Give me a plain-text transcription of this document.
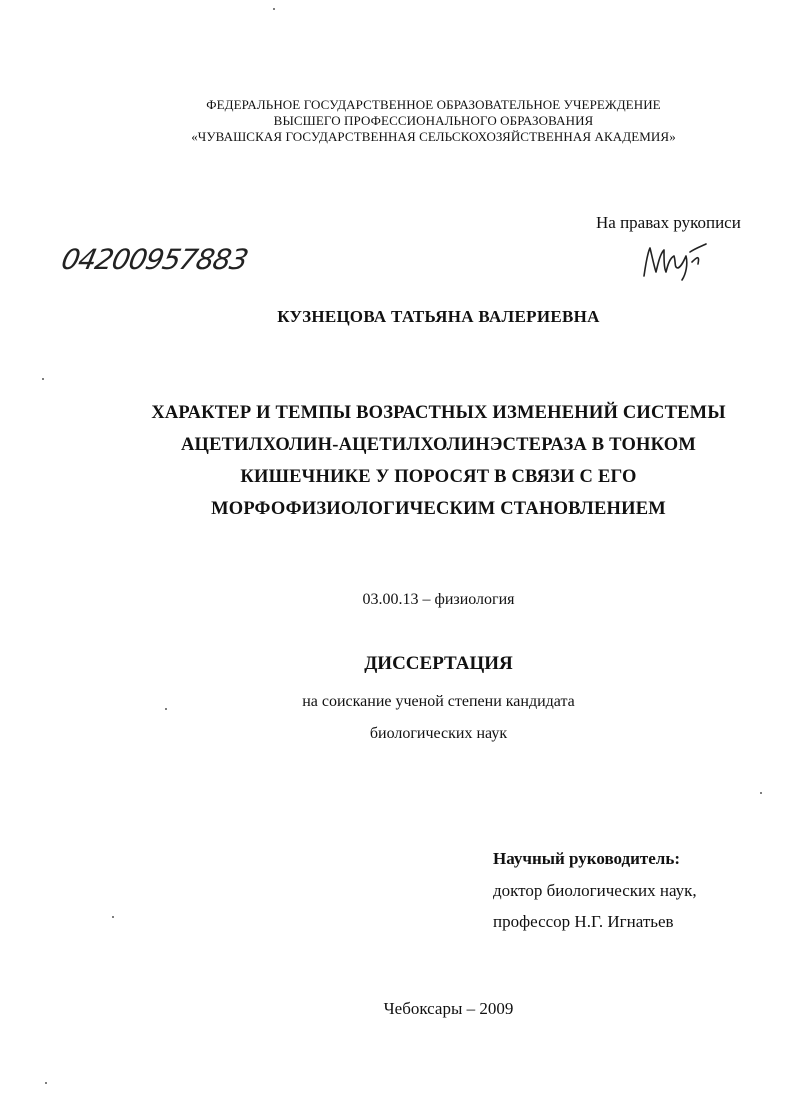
ФЕДЕРАЛЬНОЕ ГОСУДАРСТВЕННОЕ ОБРАЗОВАТЕЛЬНОЕ УЧЕРЕЖДЕНИЕ
ВЫСШЕГО ПРОФЕССИОНАЛЬНОГО ОБРАЗОВАНИЯ
«ЧУВАШСКАЯ ГОСУДАРСТВЕННАЯ СЕЛЬСКОХОЗЯЙСТВЕННАЯ АКАДЕМИЯ»
На правах рукописи
04200957883
КУЗНЕЦОВА ТАТЬЯНА ВАЛЕРИЕВНА
ХАРАКТЕР И ТЕМПЫ ВОЗРАСТНЫХ ИЗМЕНЕНИЙ СИСТЕМЫ
АЦЕТИЛХОЛИН-АЦЕТИЛХОЛИНЭСТЕРАЗА В ТОНКОМ
КИШЕЧНИКЕ У ПОРОСЯТ В СВЯЗИ С ЕГО
МОРФОФИЗИОЛОГИЧЕСКИМ СТАНОВЛЕНИЕМ
03.00.13 – физиология
ДИССЕРТАЦИЯ
на соискание ученой степени кандидата
биологических наук
Научный руководитель:
доктор биологических наук,
профессор Н.Г. Игнатьев
Чебоксары – 2009
